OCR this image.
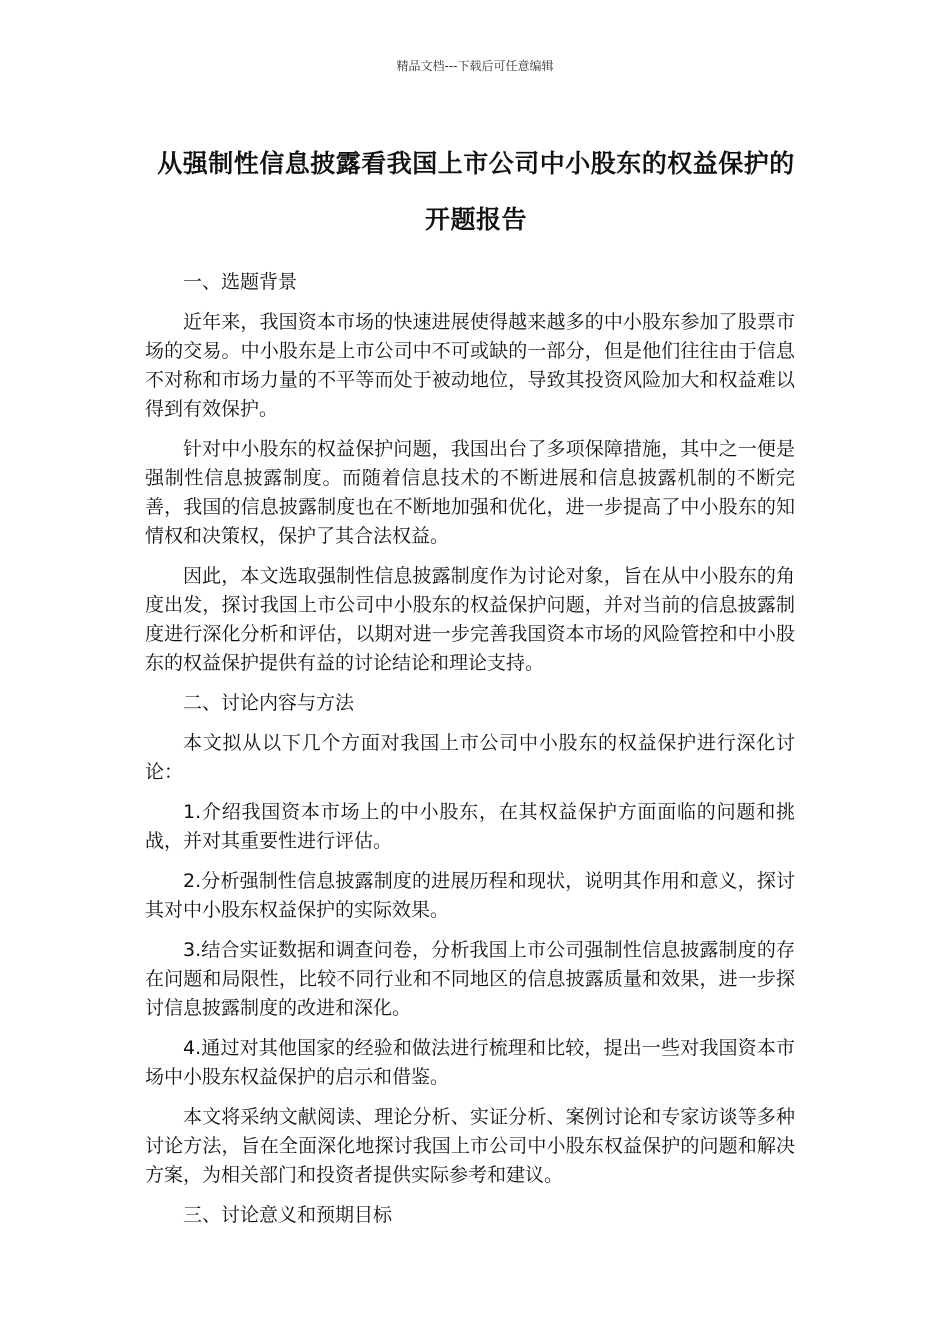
精品文档---下载后可任意编辑
从强制性信息披露看我国上市公司中小股东的权益保护的开题报告

一、选题背景

近年来，我国资本市场的快速进展使得越来越多的中小股东参加了股票市场的交易。中小股东是上市公司中不可或缺的一部分，但是他们往往由于信息不对称和市场力量的不平等而处于被动地位，导致其投资风险加大和权益难以得到有效保护。

针对中小股东的权益保护问题，我国出台了多项保障措施，其中之一便是强制性信息披露制度。而随着信息技术的不断进展和信息披露机制的不断完善，我国的信息披露制度也在不断地加强和优化，进一步提高了中小股东的知情权和决策权，保护了其合法权益。

因此，本文选取强制性信息披露制度作为讨论对象，旨在从中小股东的角度出发，探讨我国上市公司中小股东的权益保护问题，并对当前的信息披露制度进行深化分析和评估，以期对进一步完善我国资本市场的风险管控和中小股东的权益保护提供有益的讨论结论和理论支持。

二、讨论内容与方法

本文拟从以下几个方面对我国上市公司中小股东的权益保护进行深化讨论：

1.介绍我国资本市场上的中小股东，在其权益保护方面面临的问题和挑战，并对其重要性进行评估。

2.分析强制性信息披露制度的进展历程和现状，说明其作用和意义，探讨其对中小股东权益保护的实际效果。

3.结合实证数据和调查问卷，分析我国上市公司强制性信息披露制度的存在问题和局限性，比较不同行业和不同地区的信息披露质量和效果，进一步探讨信息披露制度的改进和深化。

4.通过对其他国家的经验和做法进行梳理和比较，提出一些对我国资本市场中小股东权益保护的启示和借鉴。

本文将采纳文献阅读、理论分析、实证分析、案例讨论和专家访谈等多种讨论方法，旨在全面深化地探讨我国上市公司中小股东权益保护的问题和解决方案，为相关部门和投资者提供实际参考和建议。

三、讨论意义和预期目标
